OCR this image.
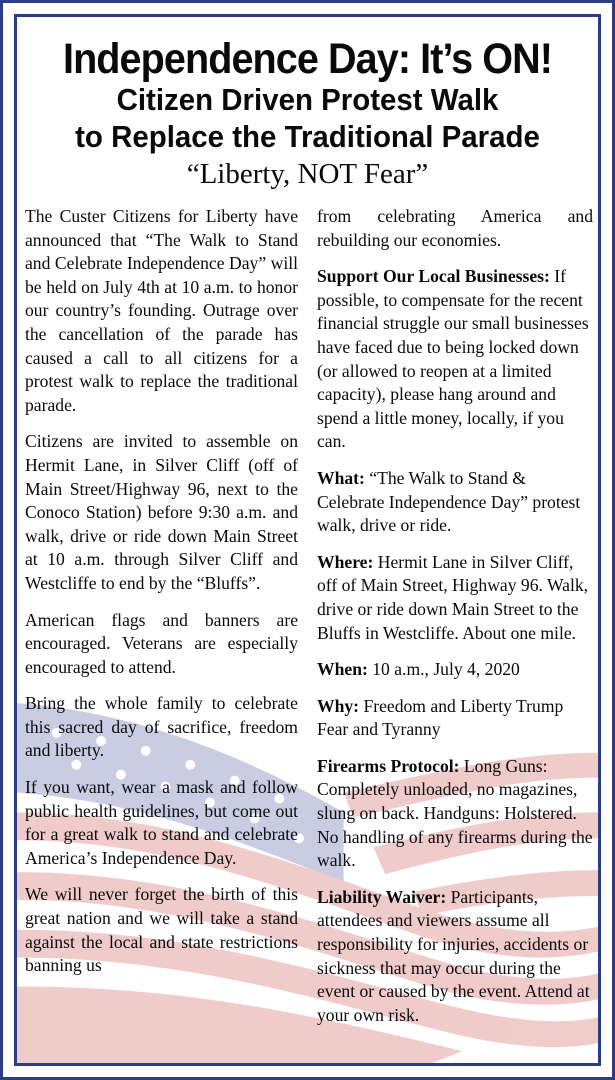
Independence Day: It’s ON!
Citizen Driven Protest Walk
to Replace the Traditional Parade
“Liberty, NOT Fear”

The Custer Citizens for Liberty have announced that “The Walk to Stand and Celebrate Independence Day” will be held on July 4th at 10 a.m. to honor our country’s founding. Outrage over the cancellation of the parade has caused a call to all citizens for a protest walk to replace the traditional parade.

Citizens are invited to assemble on Hermit Lane, in Silver Cliff (off of Main Street/Highway 96, next to the Conoco Station) before 9:30 a.m. and walk, drive or ride down Main Street at 10 a.m. through Silver Cliff and Westcliffe to end by the “Bluffs”.

American flags and banners are encouraged. Veterans are especially encouraged to attend.

Bring the whole family to celebrate this sacred day of sacrifice, freedom and liberty.

If you want, wear a mask and follow public health guidelines, but come out for a great walk to stand and celebrate America’s Independence Day.

We will never forget the birth of this great nation and we will take a stand against the local and state restrictions banning us

from celebrating America and rebuilding our economies.

Support Our Local Businesses: If possible, to compensate for the recent financial struggle our small businesses have faced due to being locked down (or allowed to reopen at a limited capacity), please hang around and spend a little money, locally, if you can.

What: “The Walk to Stand & Celebrate Independence Day” protest walk, drive or ride.

Where: Hermit Lane in Silver Cliff, off of Main Street, Highway 96. Walk, drive or ride down Main Street to the Bluffs in Westcliffe. About one mile.

When: 10 a.m., July 4, 2020

Why: Freedom and Liberty Trump Fear and Tyranny

Firearms Protocol: Long Guns: Completely unloaded, no magazines, slung on back. Handguns: Holstered. No handling of any firearms during the walk.

Liability Waiver: Participants, attendees and viewers assume all responsibility for injuries, accidents or sickness that may occur during the event or caused by the event. Attend at your own risk.
